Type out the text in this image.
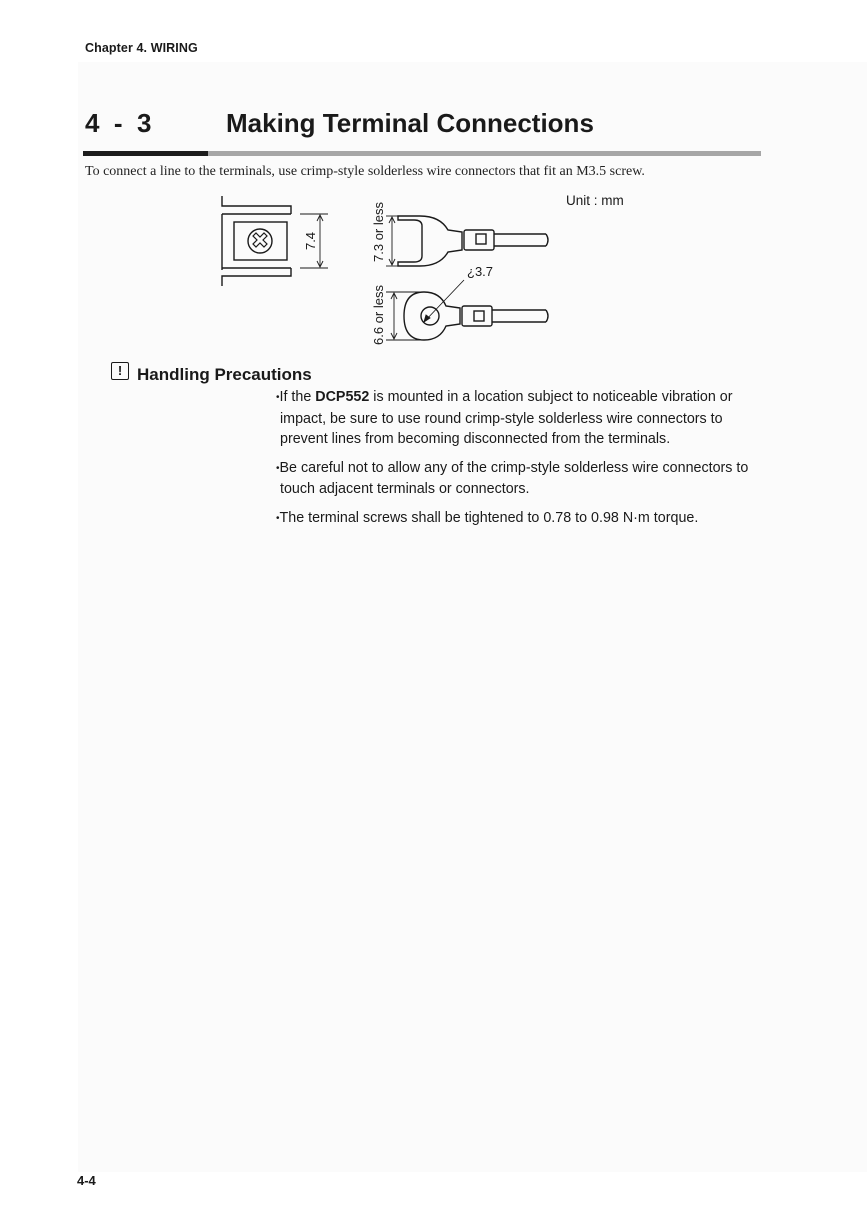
Chapter 4. WIRING
4  -  3	Making Terminal Connections
To connect a line to the terminals, use crimp-style solderless wire connectors that fit an M3.5 screw.
7.4	7.3 or less
6.6 or less
¿3.7
Unit : mm
! Handling Precautions
• If the DCP552 is mounted in a location subject to noticeable vibration or impact, be sure to use round crimp-style solderless wire connectors to prevent lines from becoming disconnected from the terminals.
• Be careful not to allow any of the crimp-style solderless wire connectors to touch adjacent terminals or connectors.
• The terminal screws shall be tightened to 0.78 to 0.98 N·m torque.
4-4
